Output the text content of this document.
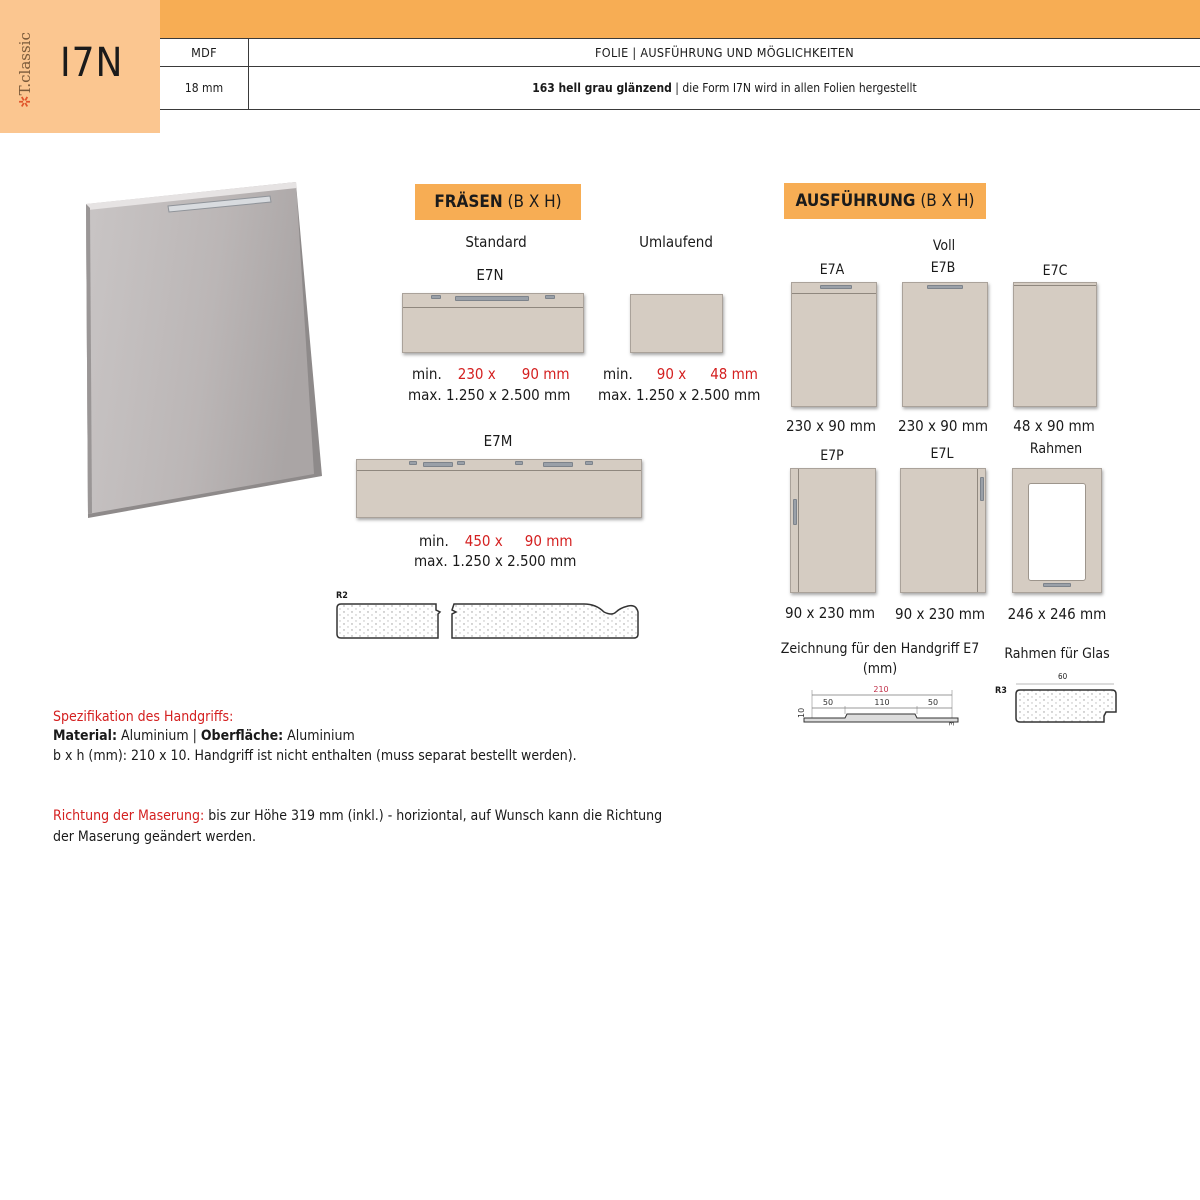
✲T.classic I7N	MDF	FOLIE | AUSFÜHRUNG UND MÖGLICHKEITEN
18 mm	163 hell grau glänzend | die Form I7N wird in allen Folien hergestellt
FRÄSEN (B X H)
Standard	Umlaufend
E7N
min. 230 x 90 mm
max. 1.250 x 2.500 mm
min. 90 x 48 mm
max. 1.250 x 2.500 mm
E7M
min. 450 x 90 mm
max. 1.250 x 2.500 mm
R2
AUSFÜHRUNG (B X H)
Voll
E7A	E7B	E7C
230 x 90 mm 230 x 90 mm 48 x 90 mm
E7P	E7L	Rahmen
90 x 230 mm 90 x 230 mm 246 x 246 mm
Zeichnung für den Handgriff E7 (mm)
210
50	110	50
10
3
Rahmen für Glas
R3
60
Spezifikation des Handgriffs:
Material: Aluminium | Oberfläche: Aluminium
b x h (mm): 210 x 10. Handgriff ist nicht enthalten (muss separat bestellt werden).
Richtung der Maserung: bis zur Höhe 319 mm (inkl.) - horiziontal, auf Wunsch kann die Richtung
der Maserung geändert werden.
